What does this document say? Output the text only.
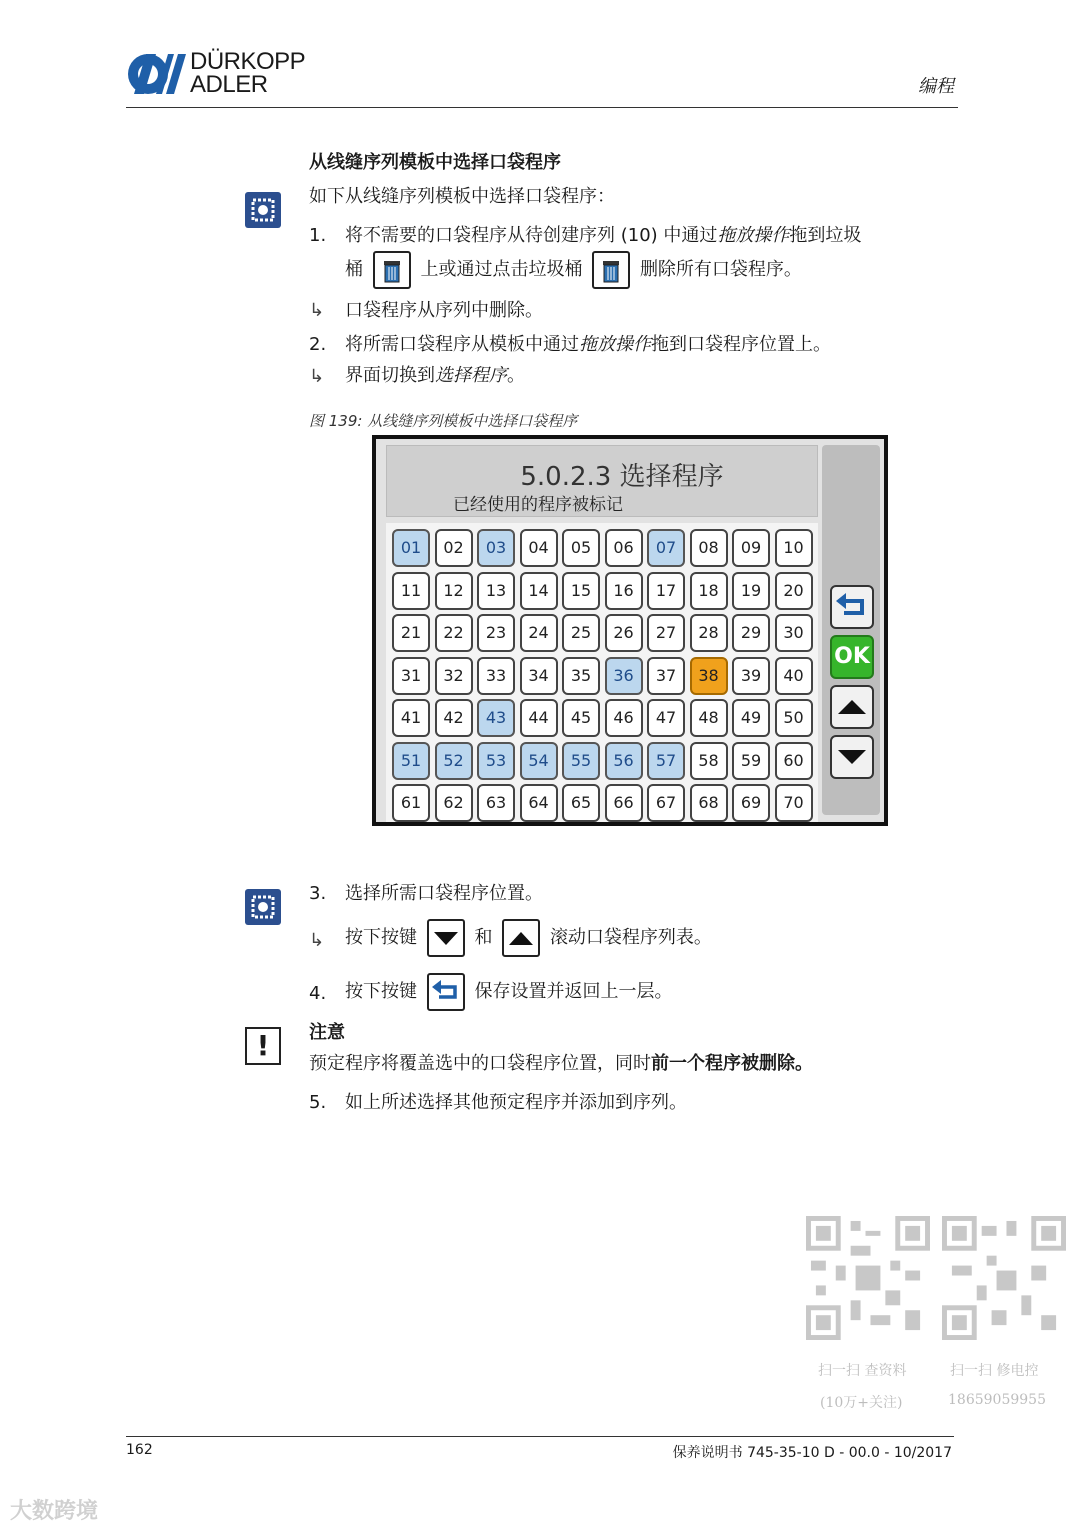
DÜRKOPP
ADLER	编程
从线缝序列模板中选择口袋程序
如下从线缝序列模板中选择口袋程序：
1. 将不需要的口袋程序从待创建序列 (10) 中通过拖放操作拖到垃圾
桶	上或通过点击垃圾桶	删除所有口袋程序。
↳ 口袋程序从序列中删除。
2. 将所需口袋程序从模板中通过拖放操作拖到口袋程序位置上。
↳ 界面切换到选择程序。
图 139: 从线缝序列模板中选择口袋程序
5.0.2.3 选择程序
已经使用的程序被标记
01	02	03	04	05	06	07	08	09	10
11	12	13	14	15	16	17	18	19	20
21	22	23	24	25	26	27	28	29	30
31	32	33	34	35	36	37	38	39	40
41	42	43	44	45	46	47	48	49	50
51	52	53	54	55	56	57	58	59	60
61	62	63	64	65	66	67	68	69	70
OK
3. 选择所需口袋程序位置。
↳ 按下按键	和	滚动口袋程序列表。
4. 按下按键	保存设置并返回上一层。
!	注意
预定程序将覆盖选中的口袋程序位置，同时前一个程序被删除。
5. 如上所述选择其他预定程序并添加到序列。
扫一扫 查资料
(10万+关注)
扫一扫 修电控
18659059955
162	保养说明书 745-35-10 D - 00.0 - 10/2017
大数跨境
